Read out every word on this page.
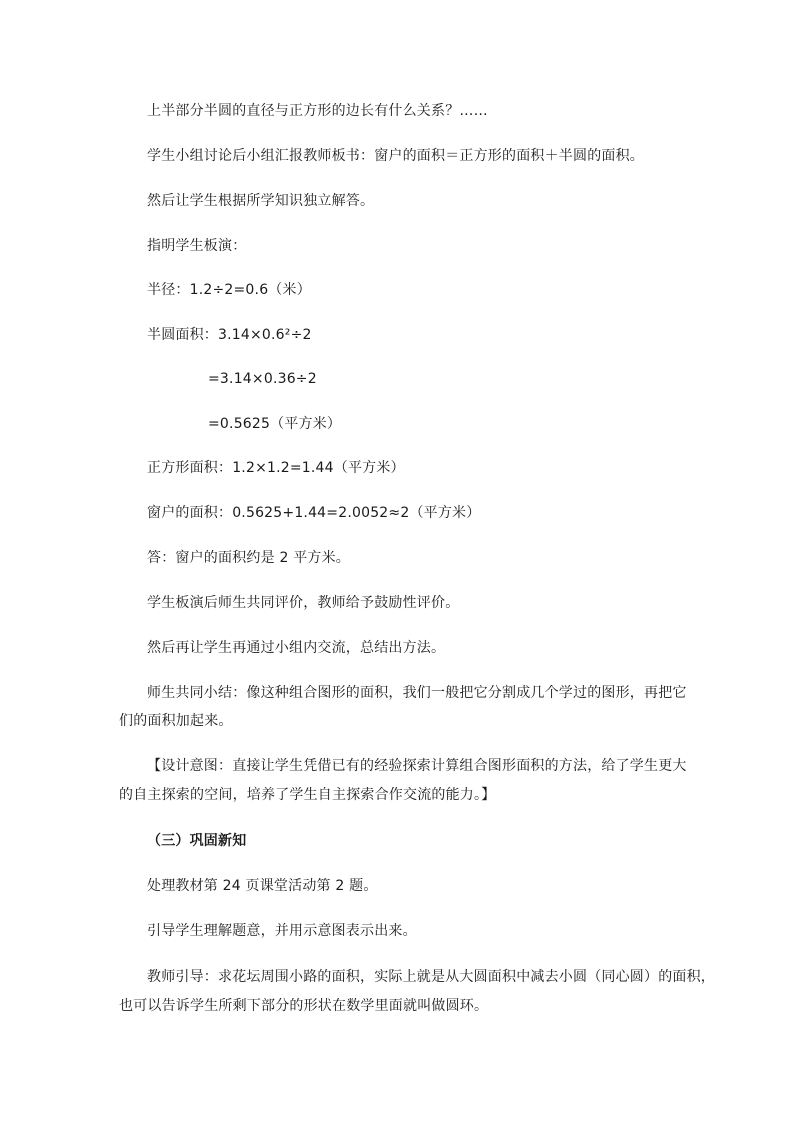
上半部分半圆的直径与正方形的边长有什么关系？……
学生小组讨论后小组汇报教师板书：窗户的面积＝正方形的面积＋半圆的面积。
然后让学生根据所学知识独立解答。
指明学生板演：
半径：1.2÷2=0.6（米）
半圆面积：3.14×0.6²÷2
=3.14×0.36÷2
=0.5625（平方米）
正方形面积：1.2×1.2=1.44（平方米）
窗户的面积：0.5625+1.44=2.0052≈2（平方米）
答：窗户的面积约是 2 平方米。
学生板演后师生共同评价，教师给予鼓励性评价。
然后再让学生再通过小组内交流，总结出方法。
师生共同小结：像这种组合图形的面积，我们一般把它分割成几个学过的图形，再把它
们的面积加起来。
【设计意图：直接让学生凭借已有的经验探索计算组合图形面积的方法，给了学生更大
的自主探索的空间，培养了学生自主探索合作交流的能力。】
（三）巩固新知
处理教材第 24 页课堂活动第 2 题。
引导学生理解题意，并用示意图表示出来。
教师引导：求花坛周围小路的面积，实际上就是从大圆面积中减去小圆（同心圆）的面积，
也可以告诉学生所剩下部分的形状在数学里面就叫做圆环。
